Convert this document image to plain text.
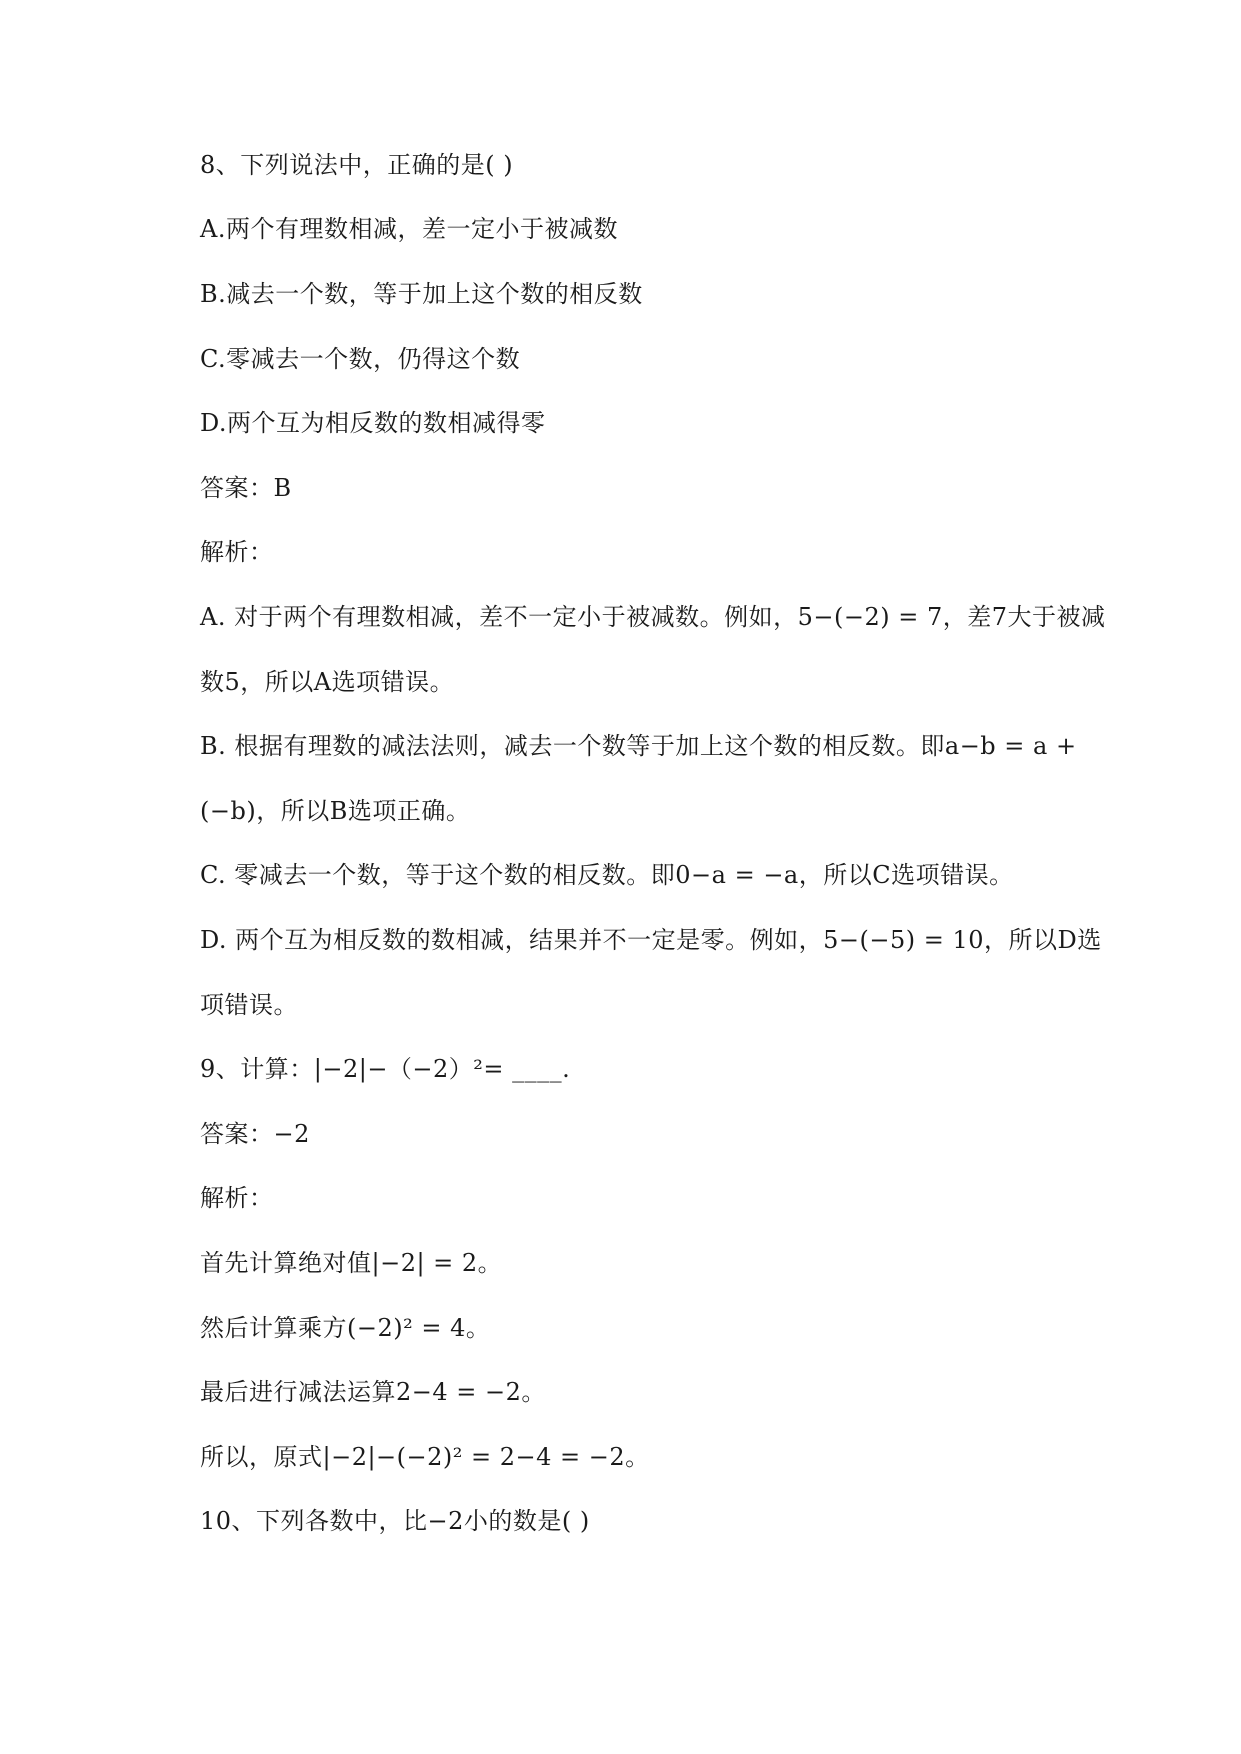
8、下列说法中，正确的是( )
A.两个有理数相减，差一定小于被减数
B.减去一个数，等于加上这个数的相反数
C.零减去一个数，仍得这个数
D.两个互为相反数的数相减得零
答案：B
解析：
A. 对于两个有理数相减，差不一定小于被减数。例如，5−(−2) = 7，差7大于被减
数5，所以A选项错误。
B. 根据有理数的减法法则，减去一个数等于加上这个数的相反数。即a−b = a +
(−b)，所以B选项正确。
C. 零减去一个数，等于这个数的相反数。即0−a = −a，所以C选项错误。
D. 两个互为相反数的数相减，结果并不一定是零。例如，5−(−5) = 10，所以D选
项错误。
9、计算：|−2|−（−2）²= ____.
答案：−2
解析：
首先计算绝对值|−2| = 2。
然后计算乘方(−2)² = 4。
最后进行减法运算2−4 = −2。
所以，原式|−2|−(−2)² = 2−4 = −2。
10、下列各数中，比−2小的数是( )
